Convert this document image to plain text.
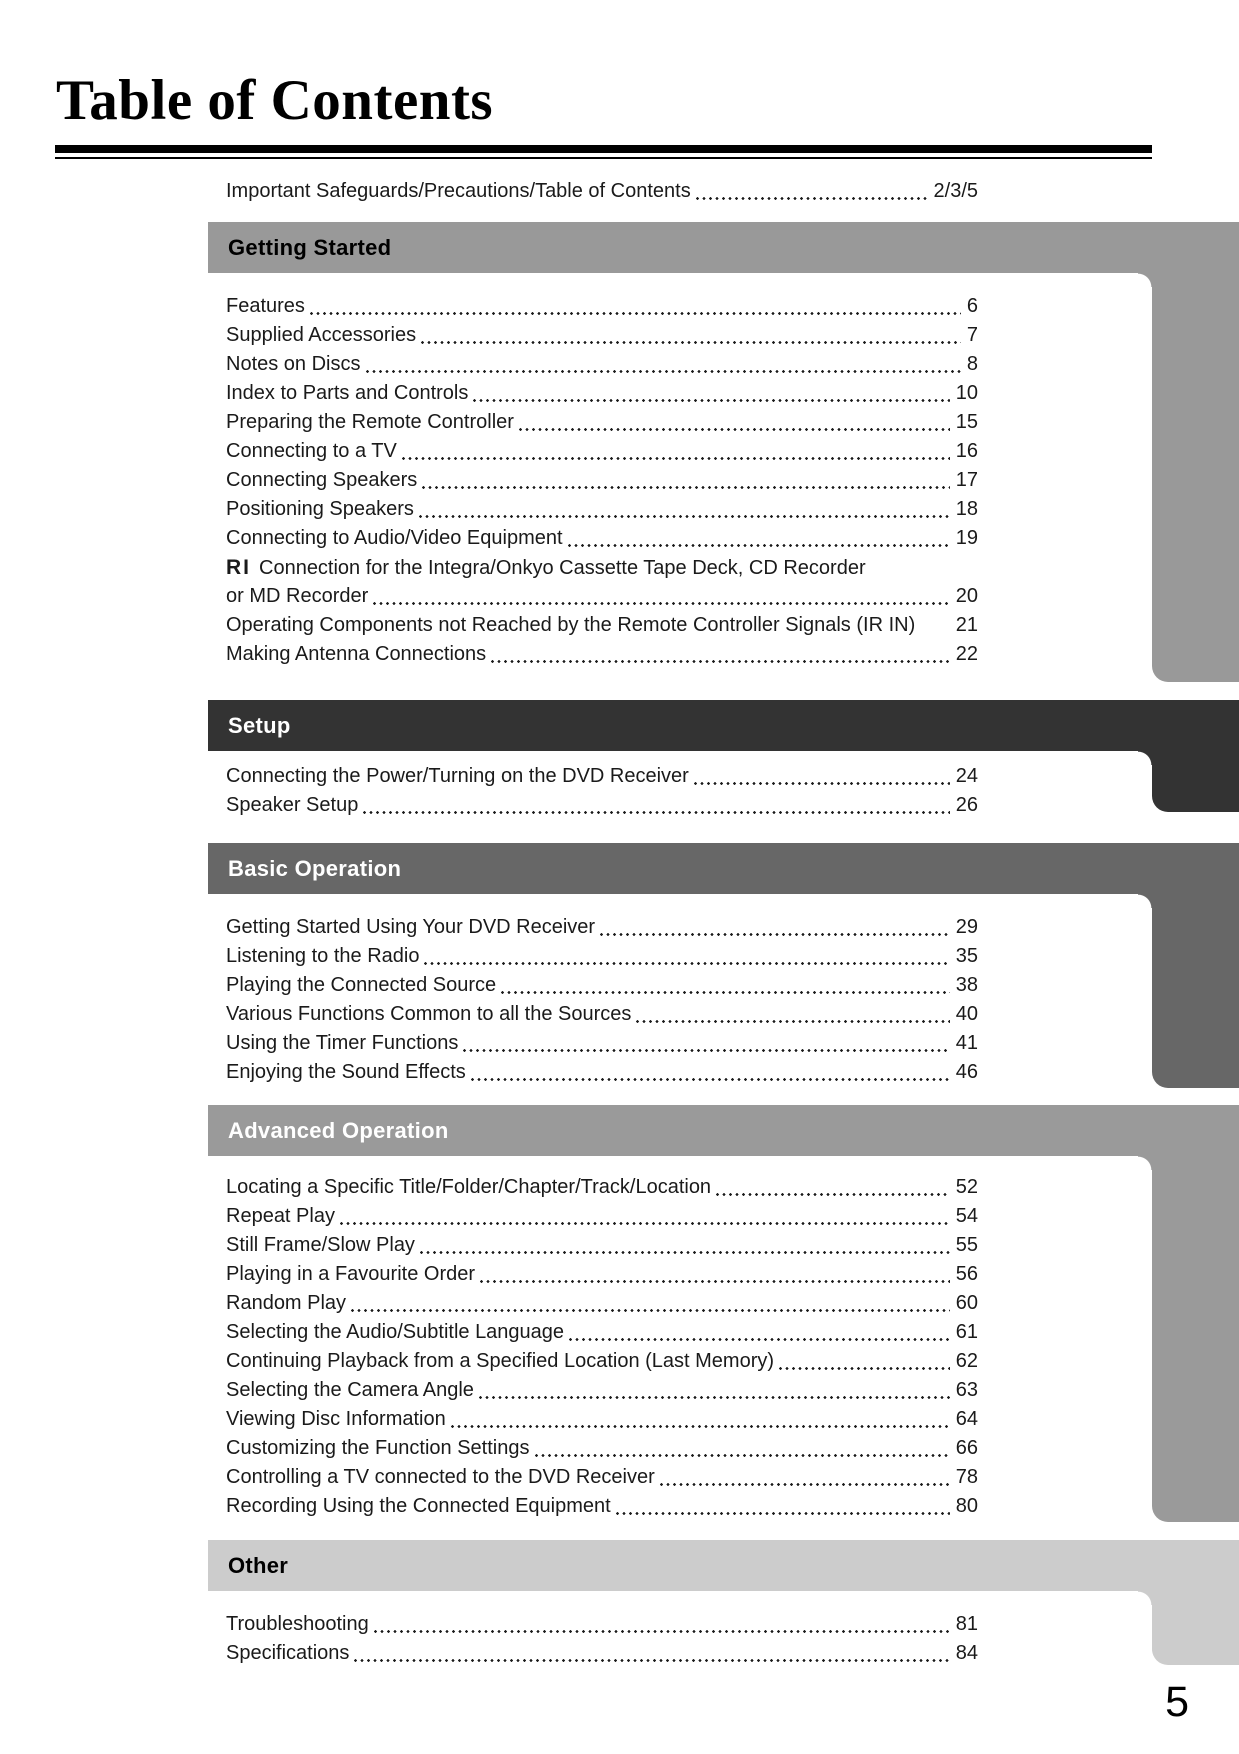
Table of Contents
Important Safeguards/Precautions/Table of Contents	2/3/5
Getting Started
Features	6
Supplied Accessories	7
Notes on Discs	8
Index to Parts and Controls	10
Preparing the Remote Controller	15
Connecting to a TV	16
Connecting Speakers	17
Positioning Speakers	18
Connecting to Audio/Video Equipment	19
RI Connection for the Integra/Onkyo Cassette Tape Deck, CD Recorder
or MD Recorder	20
Operating Components not Reached by the Remote Controller Signals (IR IN) 21
Making Antenna Connections	22
Setup
Connecting the Power/Turning on the DVD Receiver	24
Speaker Setup	26
Basic Operation
Getting Started Using Your DVD Receiver	29
Listening to the Radio	35
Playing the Connected Source	38
Various Functions Common to all the Sources	40
Using the Timer Functions	41
Enjoying the Sound Effects	46
Advanced Operation
Locating a Specific Title/Folder/Chapter/Track/Location	52
Repeat Play	54
Still Frame/Slow Play	55
Playing in a Favourite Order	56
Random Play	60
Selecting the Audio/Subtitle Language	61
Continuing Playback from a Specified Location (Last Memory)	62
Selecting the Camera Angle	63
Viewing Disc Information	64
Customizing the Function Settings	66
Controlling a TV connected to the DVD Receiver	78
Recording Using the Connected Equipment	80
Other
Troubleshooting	81
Specifications	84
5
